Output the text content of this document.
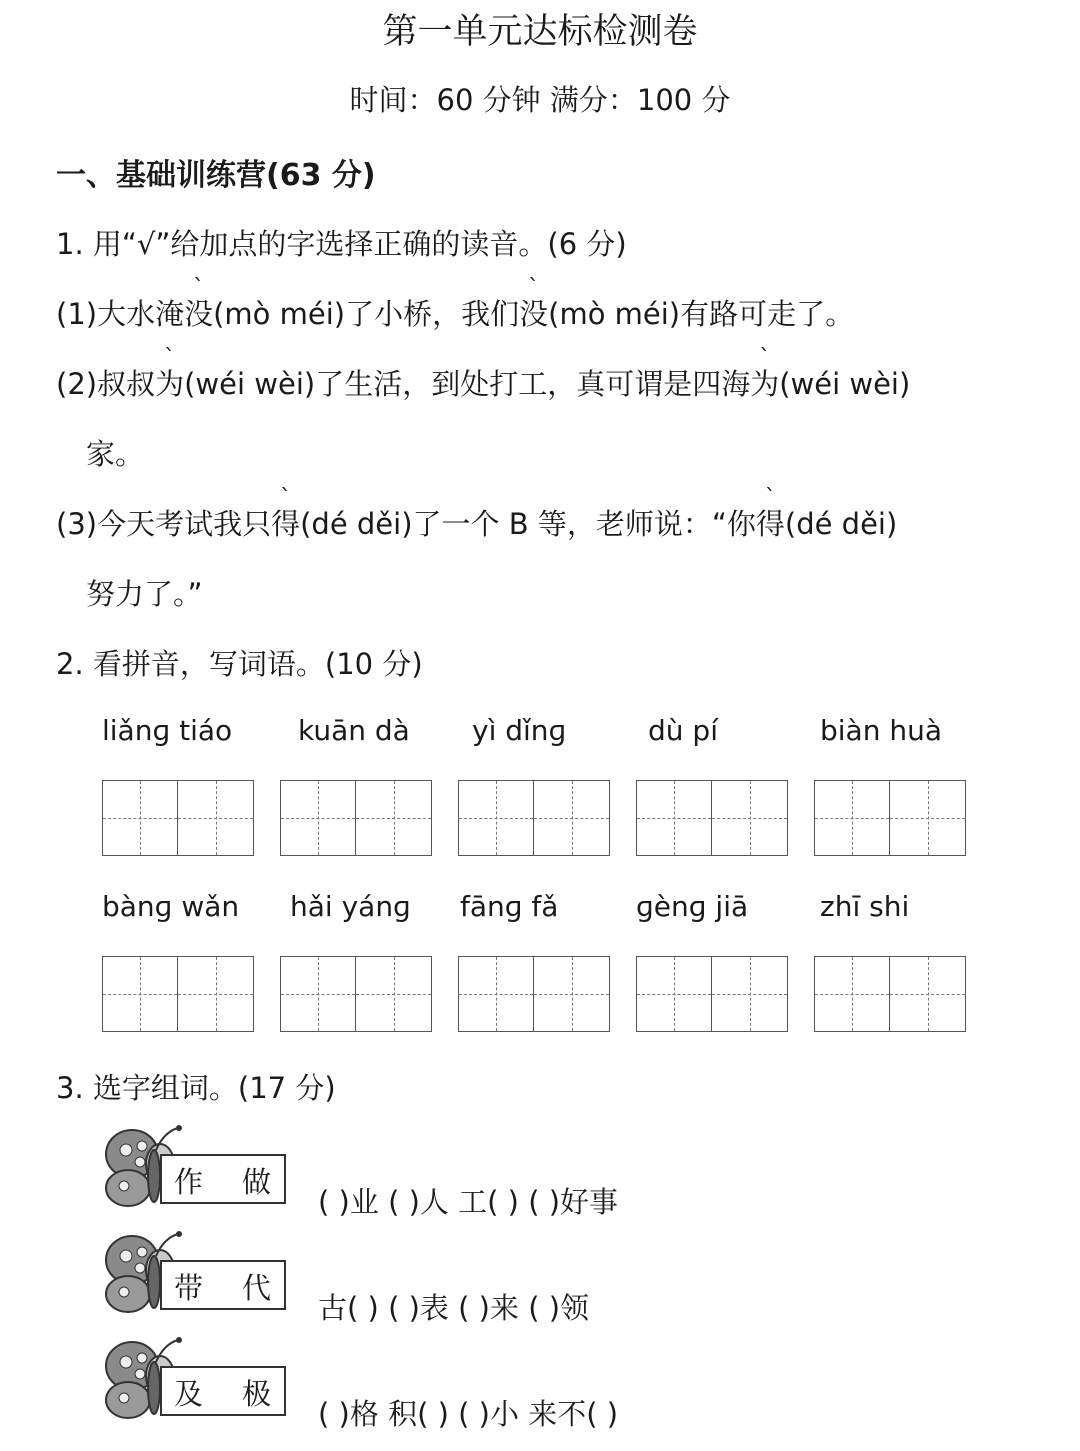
第一单元达标检测卷
时间：60 分钟 满分：100 分
一、基础训练营(63 分)
1. 用“√”给加点的字选择正确的读音。(6 分)
(1)大水淹` 没(mò méi)了小桥，我们` 没(mò méi)有路可走了。
(2)叔叔` 为(wéi wèi)了生活，到处打工，真可谓是四海` 为(wéi wèi)
家。
(3)今天考试我只` 得(dé děi)了一个 B 等，老师说：“你` 得(dé děi)
努力了。”
2. 看拼音，写词语。(10 分)
liǎnɡ tiáo kuān dà yì dǐnɡ	dù pí	biàn huà
bànɡ wǎn hǎi yánɡ fānɡ fǎ	ɡènɡ jiā	zhī shi
3. 选字组词。(17 分)
作 做
( )业 ( )人 工( ) ( )好事
带 代
古( ) ( )表 ( )来 ( )领
及 极
( )格 积( ) ( )小 来不( )
